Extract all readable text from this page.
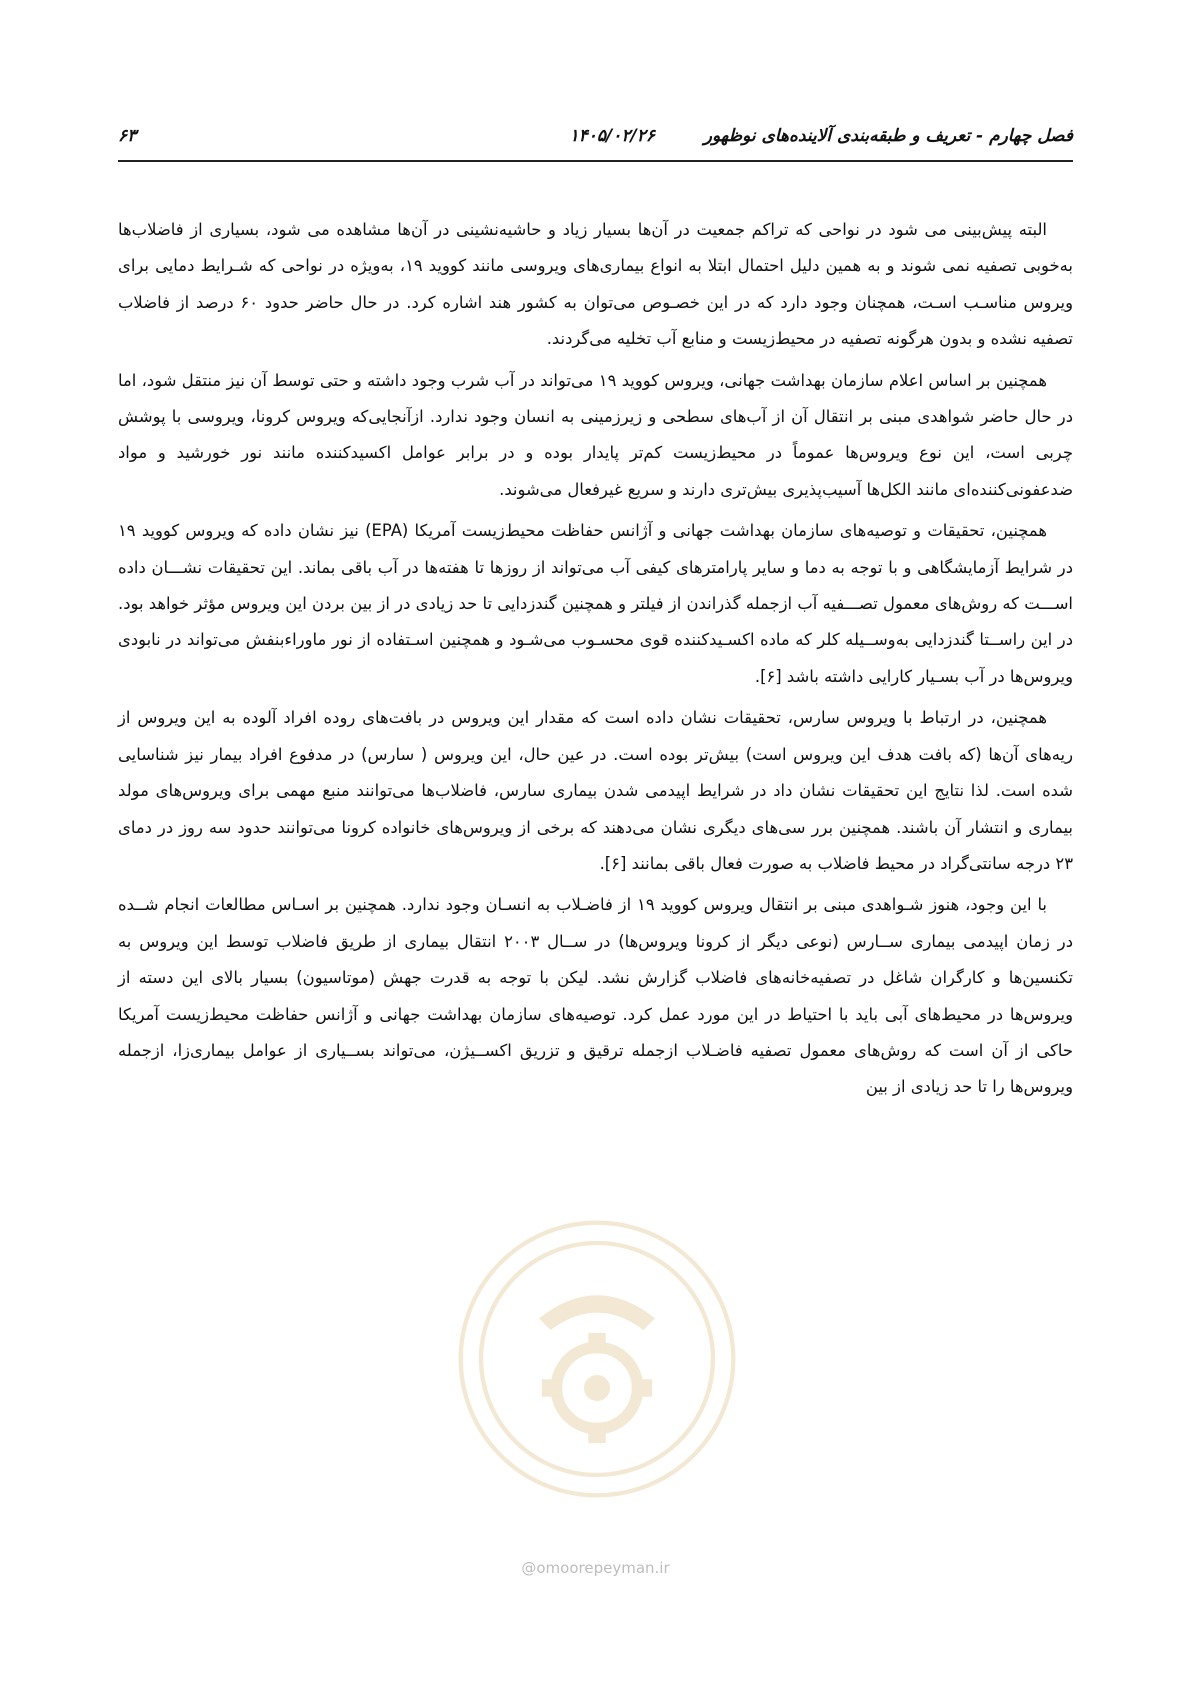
فصل چهارم - تعریف و طبقه‌بندی آلاینده‌های نوظهور
۱۴۰۵/۰۲/۲۶
۶۳

البته پیش‌بینی می شود در نواحی که تراکم جمعیت در آن‌ها بسیار زیاد و حاشیه‌نشینی در آن‌ها مشاهده می شود، بسیاری از فاضلاب‌ها به‌خوبی تصفیه نمی شوند و به همین دلیل احتمال ابتلا به انواع بیماری‌های ویروسی مانند کووید ۱۹، به‌ویژه در نواحی که شـرایط دمایی برای ویروس مناسـب اسـت، همچنان وجود دارد که در این خصـوص می‌توان به کشور هند اشاره کرد. در حال حاضر حدود ۶۰ درصد از فاضلاب تصفیه نشده و بدون هرگونه تصفیه در محیط‌زیست و منابع آب تخلیه می‌گردند.

همچنین بر اساس اعلام سازمان بهداشت جهانی، ویروس کووید ۱۹ می‌تواند در آب شرب وجود داشته و حتی توسط آن نیز منتقل شود، اما در حال حاضر شواهدی مبنی بر انتقال آن از آب‌های سطحی و زیرزمینی به انسان وجود ندارد. ازآنجایی‌که ویروس کرونا، ویروسی با پوشش چربی است، این نوع ویروس‌ها عموماً در محیط‌زیست کم‌تر پایدار بوده و در برابر عوامل اکسیدکننده مانند نور خورشید و مواد ضدعفونی‌کننده‌ای مانند الکل‌ها آسیب‌پذیری بیش‌تری دارند و سریع غیرفعال می‌شوند.

همچنین، تحقیقات و توصیه‌های سازمان بهداشت جهانی و آژانس حفاظت محیط‌زیست آمریکا (EPA) نیز نشان داده که ویروس کووید ۱۹ در شرایط آزمایشگاهی و با توجه به دما و سایر پارامترهای کیفی آب می‌تواند از روزها تا هفته‌ها در آب باقی بماند. این تحقیقات نشـــان داده اســـت که روش‌های معمول تصـــفیه آب ازجمله گذراندن از فیلتر و همچنین گندزدایی تا حد زیادی در از بین بردن این ویروس مؤثر خواهد بود. در این راســتا گندزدایی به‌وســیله کلر که ماده اکسـیدکننده قوی محسـوب می‌شـود و همچنین اسـتفاده از نور ماوراءبنفش می‌تواند در نابودی ویروس‌ها در آب بسـیار کارایی داشته باشد [۶].

همچنین، در ارتباط با ویروس سارس، تحقیقات نشان داده است که مقدار این ویروس در بافت‌های روده افراد آلوده به این ویروس از ریه‌های آن‌ها (که بافت هدف این ویروس است) بیش‌تر بوده است. در عین حال، این ویروس ( سارس) در مدفوع افراد بیمار نیز شناسایی شده است. لذا نتایج این تحقیقات نشان داد در شرایط اپیدمی شدن بیماری سارس، فاضلاب‌ها می‌توانند منبع مهمی برای ویروس‌های مولد بیماری و انتشار آن باشند. همچنین برر سی‌های دیگری نشان می‌دهند که برخی از ویروس‌های خانواده کرونا می‌توانند حدود سه روز در دمای ۲۳ درجه سانتی‌گراد در محیط فاضلاب به صورت فعال باقی بمانند [۶].

با این وجود، هنوز شـواهدی مبنی بر انتقال ویروس کووید ۱۹ از فاضـلاب به انسـان وجود ندارد. همچنین بر اسـاس مطالعات انجام شــده در زمان اپیدمی بیماری ســارس (نوعی دیگر از کرونا ویروس‌ها) در ســال ۲۰۰۳ انتقال بیماری از طریق فاضلاب توسط این ویروس به تکنسین‌ها و کارگران شاغل در تصفیه‌خانه‌های فاضلاب گزارش نشد. لیکن با توجه به قدرت جهش (موتاسیون) بسیار بالای این دسته از ویروس‌ها در محیط‌های آبی باید با احتیاط در این مورد عمل کرد. توصیه‌های سازمان بهداشت جهانی و آژانس حفاظت محیط‌زیست آمریکا حاکی از آن است که روش‌های معمول تصفیه فاضـلاب ازجمله ترقیق و تزریق اکســیژن، می‌تواند بســیاری از عوامل بیماری‌زا، ازجمله ویروس‌ها را تا حد زیادی از بین

@omoorepeyman.ir
